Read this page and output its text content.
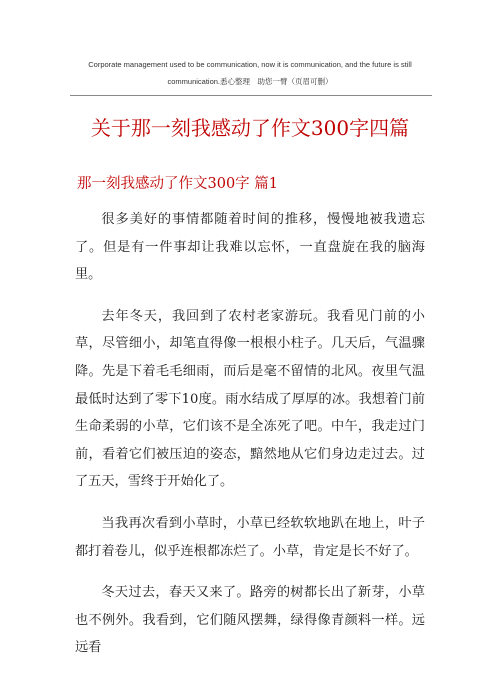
Corporate management used to be communication, now it is communication, and the future is still
communication.悉心整理　助您一臂（页眉可删）
关于那一刻我感动了作文300字四篇
那一刻我感动了作文300字 篇1

很多美好的事情都随着时间的推移，慢慢地被我遗忘了。但是有一件事却让我难以忘怀，一直盘旋在我的脑海里。

去年冬天，我回到了农村老家游玩。我看见门前的小草，尽管细小，却笔直得像一根根小柱子。几天后，气温骤降。先是下着毛毛细雨，而后是毫不留情的北风。夜里气温最低时达到了零下10度。雨水结成了厚厚的冰。我想着门前生命柔弱的小草，它们该不是全冻死了吧。中午，我走过门前，看着它们被压迫的姿态，黯然地从它们身边走过去。过了五天，雪终于开始化了。

当我再次看到小草时，小草已经软软地趴在地上，叶子都打着卷儿，似乎连根都冻烂了。小草，肯定是长不好了。

冬天过去，春天又来了。路旁的树都长出了新芽，小草也不例外。我看到，它们随风摆舞，绿得像青颜料一样。远远看
